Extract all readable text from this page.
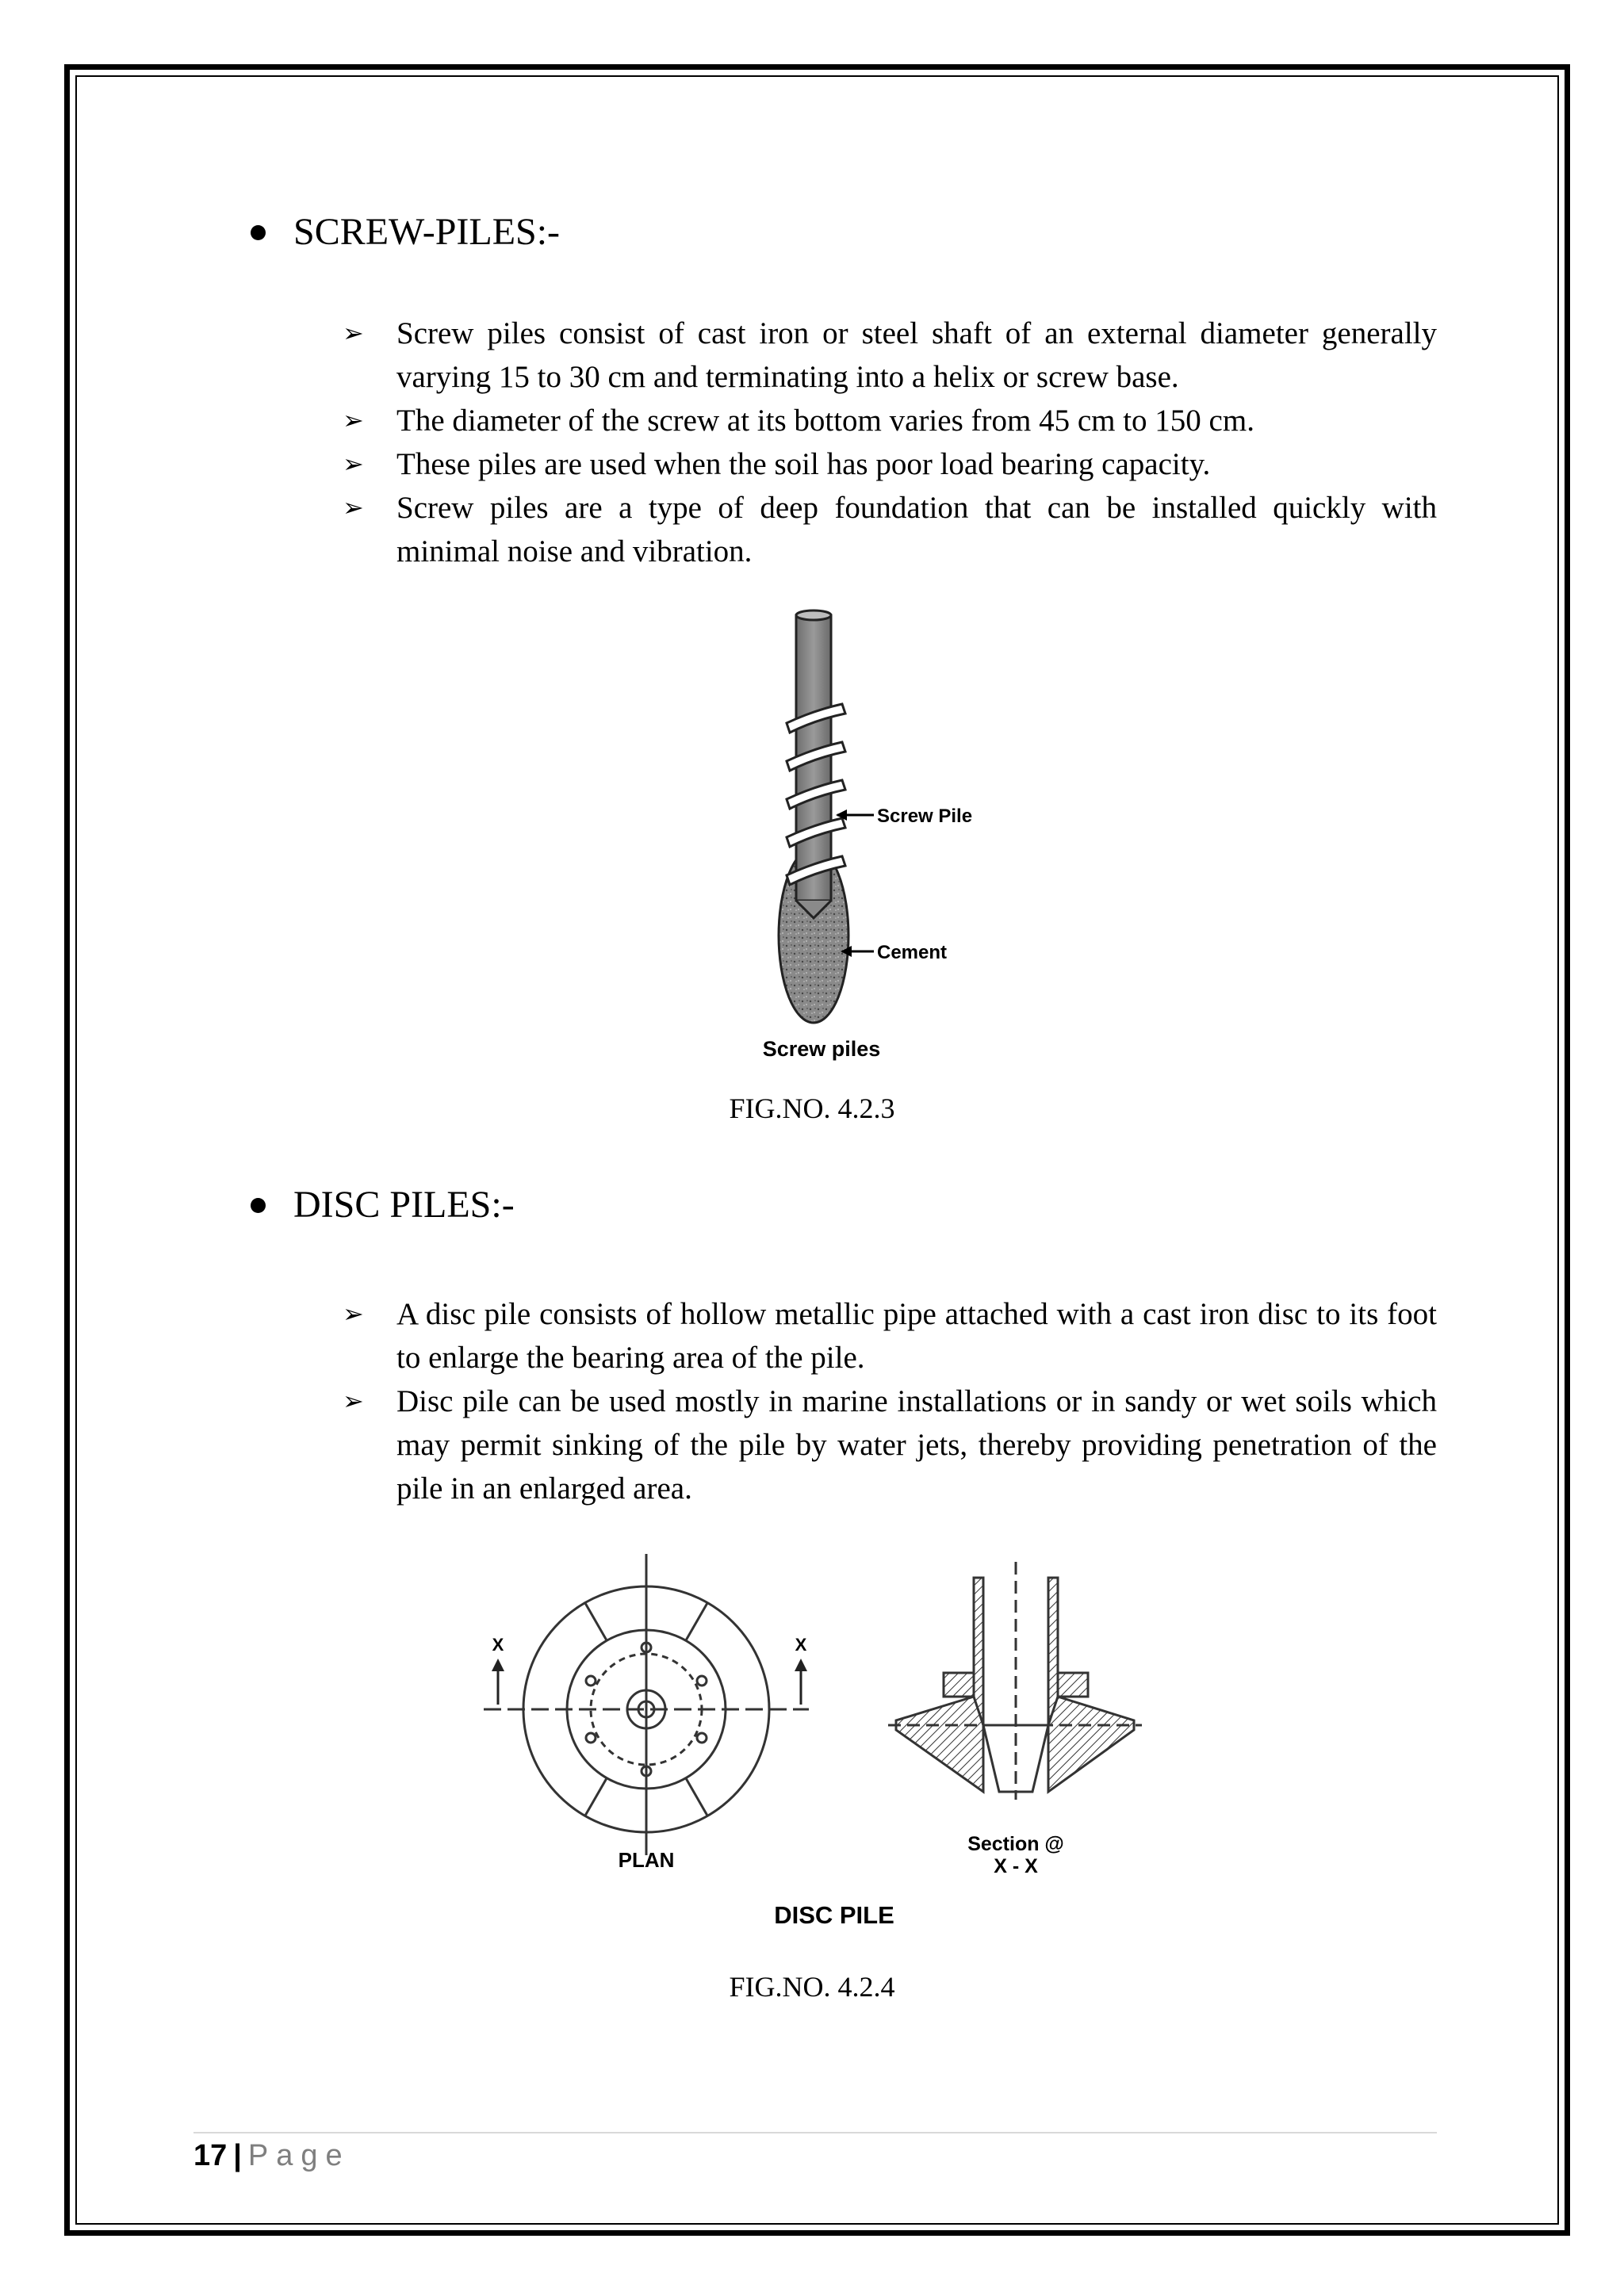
SCREW-PILES:-
➢	Screw piles consist of cast iron or steel shaft of an external diameter generally varying 15 to 30 cm and terminating into a helix or screw base.
➢	The diameter of the screw at its bottom varies from 45 cm to 150 cm.
➢	These piles are used when the soil has poor load bearing capacity.
➢	Screw piles are a type of deep foundation that can be installed quickly with minimal noise and vibration.
Screw Pile
Cement
Screw piles
FIG.NO. 4.2.3
DISC PILES:-
➢	A disc pile consists of hollow metallic pipe attached with a cast iron disc to its foot to enlarge the bearing area of the pile.
➢	Disc pile can be used mostly in marine installations or in sandy or wet soils which may permit sinking of the pile by water jets, thereby providing penetration of the pile in an enlarged area.
X	X
PLAN
Section @
X - X
DISC PILE
FIG.NO. 4.2.4
17 | Page
